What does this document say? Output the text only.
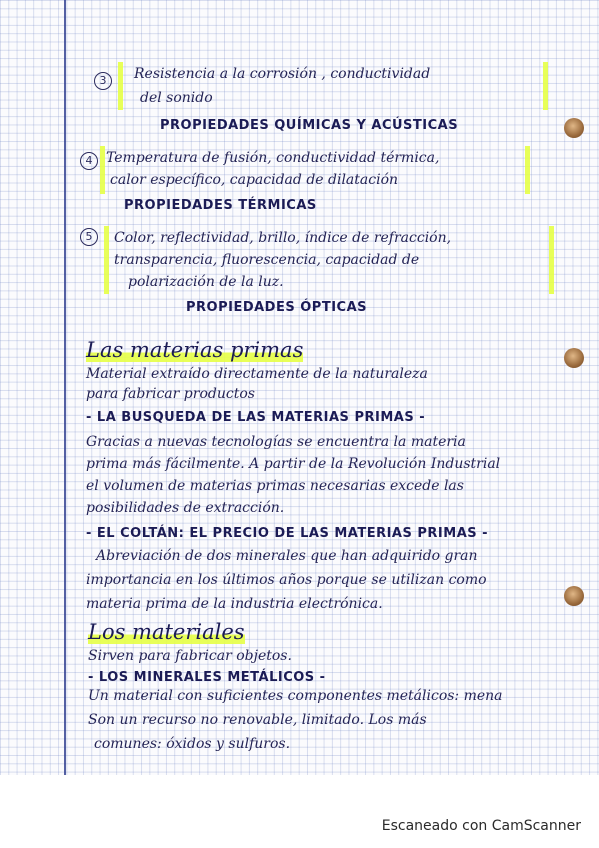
3	Resistencia a la corrosión , conductividad
del sonido
PROPIEDADES QUÍMICAS Y ACÚSTICAS
4 Temperatura de fusión, conductividad térmica,
calor específico, capacidad de dilatación
PROPIEDADES TÉRMICAS
5	Color, reflectividad, brillo, índice de refracción,
transparencia, fluorescencia, capacidad de
polarización de la luz.
PROPIEDADES ÓPTICAS
Las materias primas
Material extraído directamente de la naturaleza
para fabricar productos
- LA BUSQUEDA DE LAS MATERIAS PRIMAS -
Gracias a nuevas tecnologías se encuentra la materia
prima más fácilmente. A partir de la Revolución Industrial
el volumen de materias primas necesarias excede las
posibilidades de extracción.
- EL COLTÁN: EL PRECIO DE LAS MATERIAS PRIMAS -
Abreviación de dos minerales que han adquirido gran
importancia en los últimos años porque se utilizan como
materia prima de la industria electrónica.
Los materiales
Sirven para fabricar objetos.
- LOS MINERALES METÁLICOS -
Un material con suficientes componentes metálicos: mena
Son un recurso no renovable, limitado. Los más
comunes: óxidos y sulfuros.
Escaneado con CamScanner
